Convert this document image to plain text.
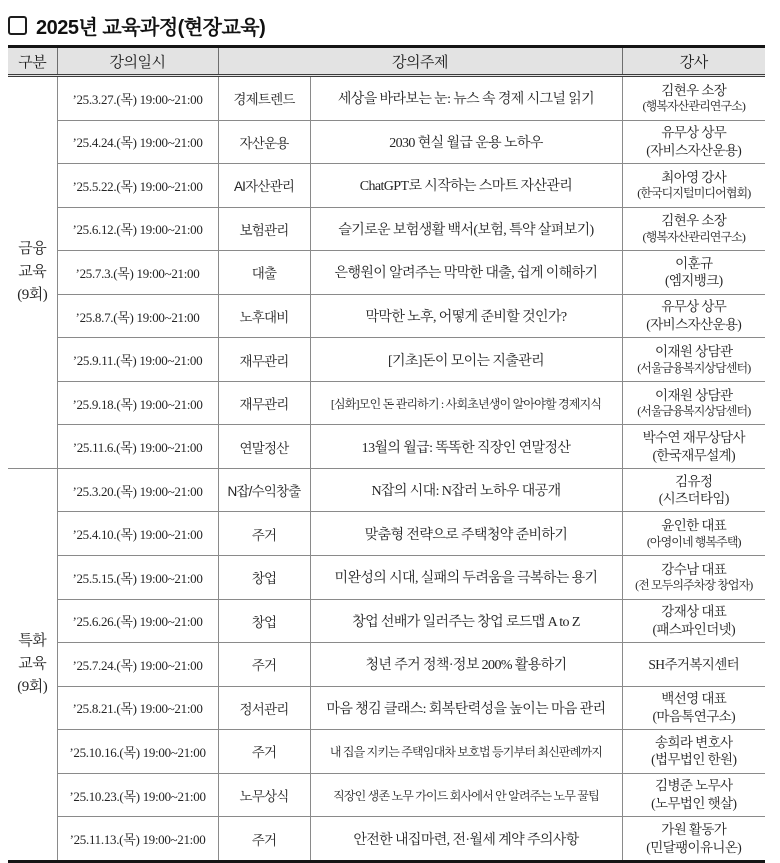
2025년 교육과정(현장교육)
구분	강의일시	강의주제		강사

금융
교육
(9회)
	’25.3.27.(목) 19:00~21:00	경제트렌드	세상을 바라보는 눈: 뉴스 속 경제 시그널 읽기	
김현우 소장
(행복자산관리연구소)

	’25.4.24.(목) 19:00~21:00	자산운용	2030 현실 월급 운용 노하우	유무상 상무
(자비스자산운용)

	’25.5.22.(목) 19:00~21:00	AI자산관리	ChatGPT로 시작하는 스마트 자산관리	최아영 강사
(한국디지털미디어협회)

	’25.6.12.(목) 19:00~21:00	보험관리	슬기로운 보험생활 백서(보험, 특약 살펴보기)	김현우 소장
(행복자산관리연구소)

	’25.7.3.(목) 19:00~21:00	대출	은행원이 알려주는 막막한 대출, 쉽게 이해하기	이훈규
(엠지뱅크)

	’25.8.7.(목) 19:00~21:00	노후대비	막막한 노후, 어떻게 준비할 것인가?	유무상 상무
(자비스자산운용)

	’25.9.11.(목) 19:00~21:00	재무관리	[기초]돈이 모이는 지출관리	이재원 상담관
(서울금융복지상담센터)

	’25.9.18.(목) 19:00~21:00	재무관리	[심화]모인 돈 관리하기 : 사회초년생이 알아야할 경제지식	이재원 상담관
(서울금융복지상담센터)

	’25.11.6.(목) 19:00~21:00	연말정산	13월의 월급: 똑똑한 직장인 연말정산	박수연 재무상담사
(한국재무설계)

특화
교육
(9회)
	’25.3.20.(목) 19:00~21:00	N잡/수익창출	N잡의 시대: N잡러 노하우 대공개	
김유정
(시즈더타임)

	’25.4.10.(목) 19:00~21:00	주거	맞춤형 전략으로 주택청약 준비하기	윤인한 대표
(아영이네 행복주택)

	’25.5.15.(목) 19:00~21:00	창업	미완성의 시대, 실패의 두려움을 극복하는 용기	강수남 대표
(전 모두의주차장 창업자)

	’25.6.26.(목) 19:00~21:00	창업	창업 선배가 일러주는 창업 로드맵 A to Z	강재상 대표
(패스파인더넷)

	’25.7.24.(목) 19:00~21:00	주거	청년 주거 정책·정보 200% 활용하기	SH주거복지센터

	’25.8.21.(목) 19:00~21:00	정서관리	마음 챙김 클래스: 회복탄력성을 높이는 마음 관리	백선영 대표
(마음톡연구소)

	’25.10.16.(목) 19:00~21:00	주거	내 집을 지키는 주택임대차 보호법 등기부터 최신판례까지	송희라 변호사
(법무법인 한원)

	’25.10.23.(목) 19:00~21:00	노무상식	직장인 생존 노무 가이드 회사에서 안 알려주는 노무 꿀팁	김병준 노무사
(노무법인 햇살)

	’25.11.13.(목) 19:00~21:00	주거	안전한 내집마련, 전·월세 계약 주의사항	가원 활동가
(민달팽이유니온)
